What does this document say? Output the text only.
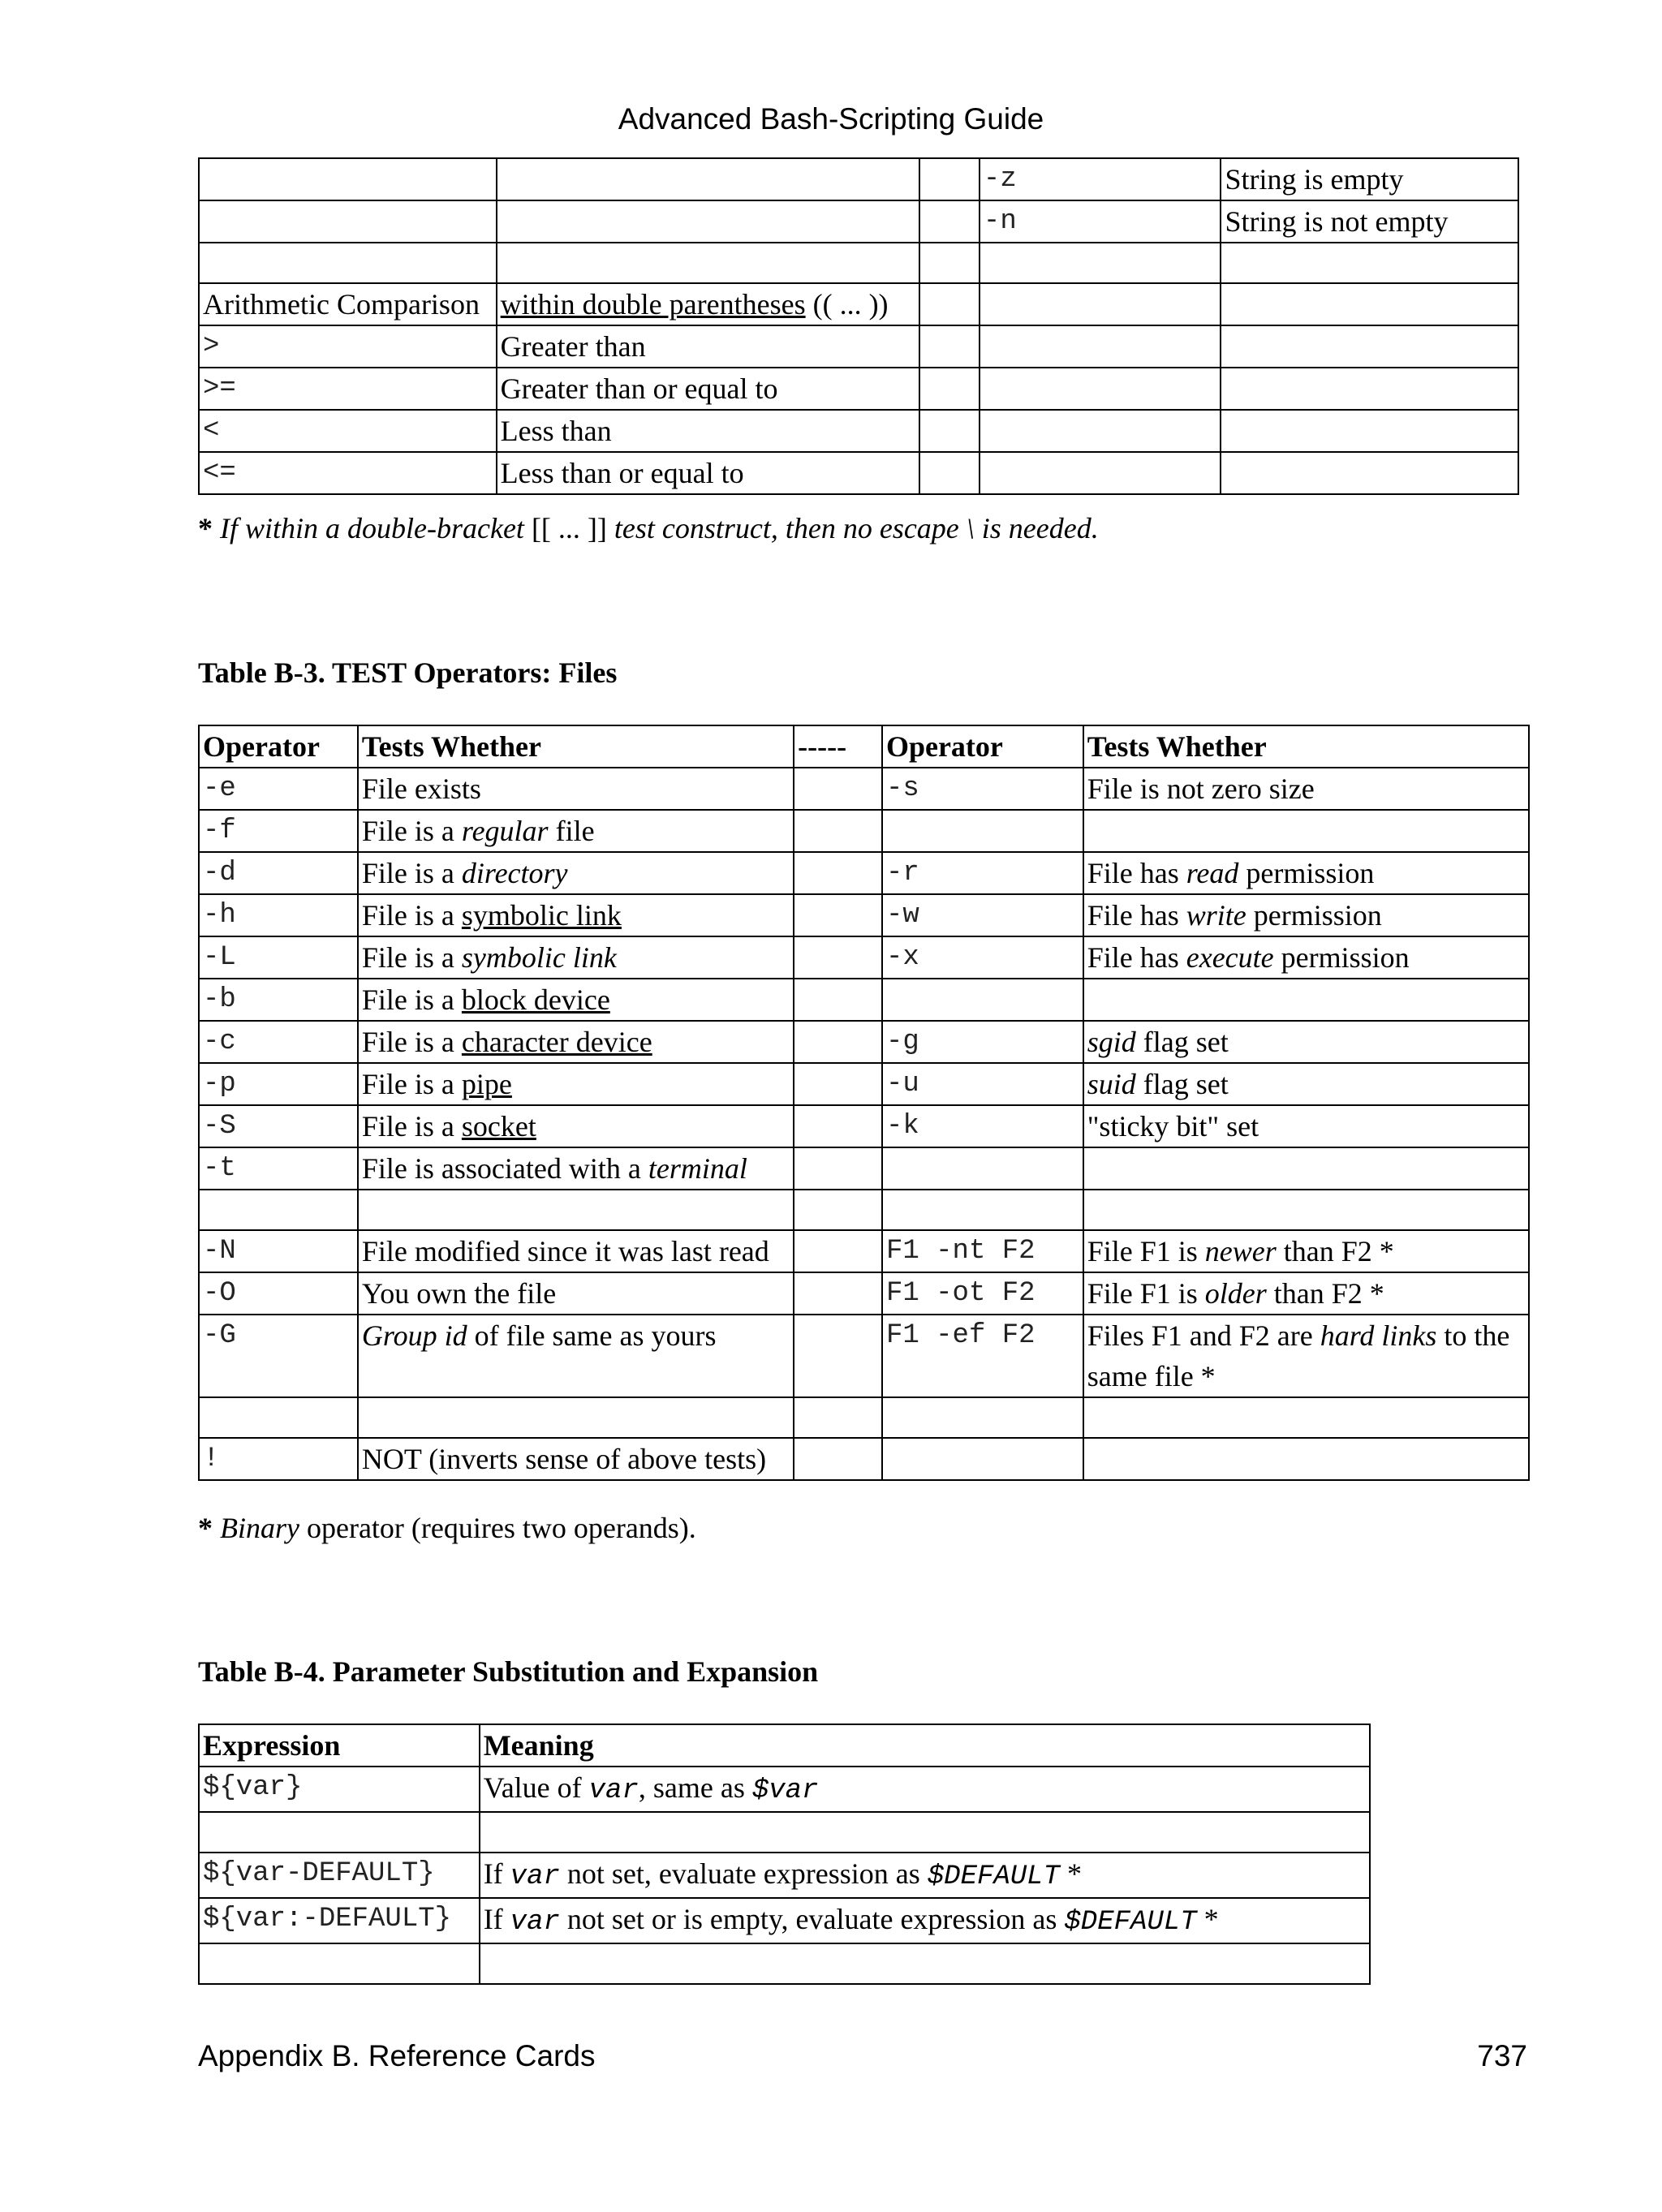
Advanced Bash-Scripting Guide
			-z	String is empty
			-n	String is not empty

Arithmetic Comparison	within double parentheses (( ... ))			
>	Greater than			
>=	Greater than or equal to			
<	Less than			
<=	Less than or equal to			
* If within a double-bracket [[ ... ]] test construct, then no escape \ is needed.
Table B-3. TEST Operators: Files
Operator	Tests Whether	-----	Operator	Tests Whether
-e	File exists		-s	File is not zero size
-f	File is a regular file			
-d	File is a directory		-r	File has read permission
-h	File is a symbolic link		-w	File has write permission
-L	File is a symbolic link		-x	File has execute permission
-b	File is a block device			
-c	File is a character device		-g	sgid flag set
-p	File is a pipe		-u	suid flag set
-S	File is a socket		-k	"sticky bit" set
-t	File is associated with a terminal			

-N	File modified since it was last read		F1 -nt F2	File F1 is newer than F2 *
-O	You own the file		F1 -ot F2	File F1 is older than F2 *
-G	Group id of file same as yours		F1 -ef F2	Files F1 and F2 are hard links to the same file *

!	NOT (inverts sense of above tests)			
* Binary operator (requires two operands).
Table B-4. Parameter Substitution and Expansion
Expression	Meaning
${var}	Value of var, same as $var

${var-DEFAULT}	If var not set, evaluate expression as $DEFAULT *
${var:-DEFAULT}	If var not set or is empty, evaluate expression as $DEFAULT *

Appendix B. Reference Cards	737
